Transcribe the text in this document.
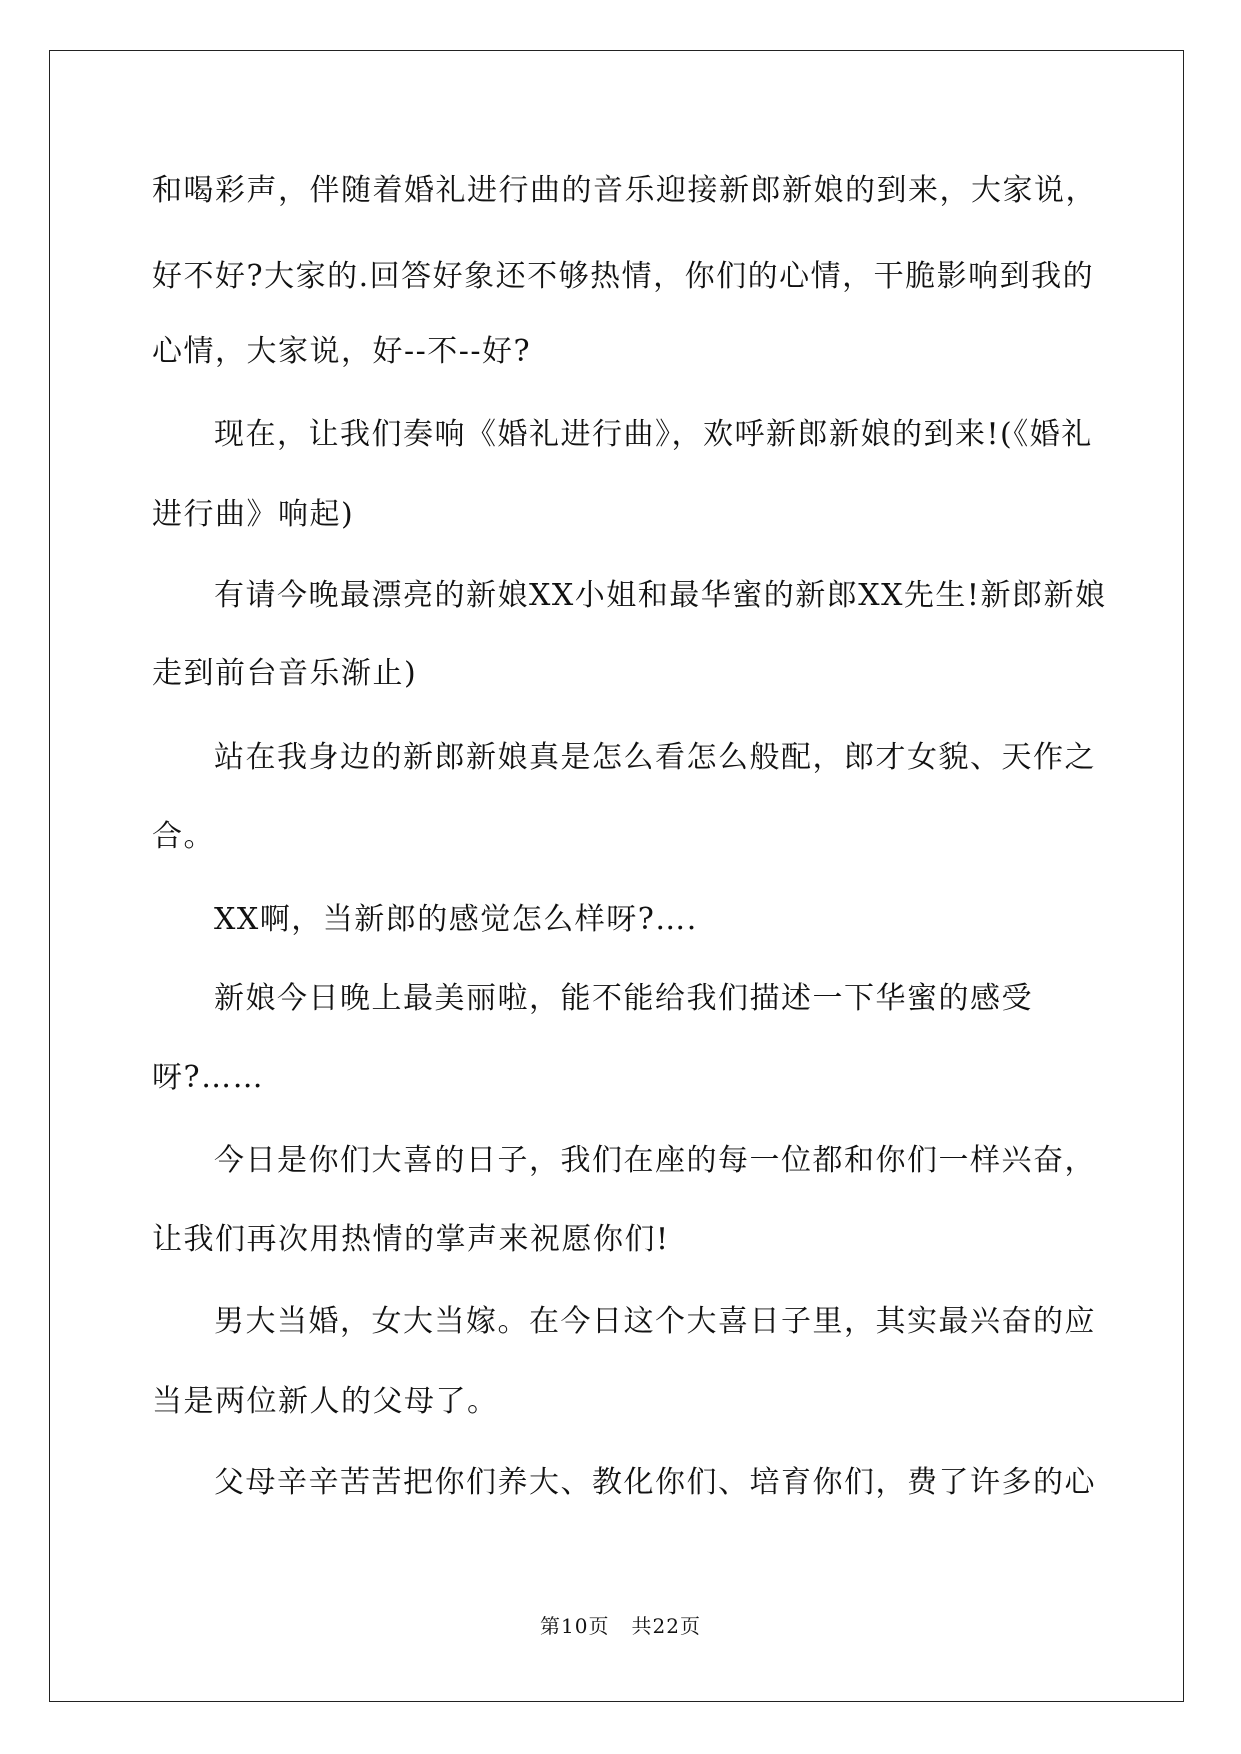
和喝彩声，伴随着婚礼进行曲的音乐迎接新郎新娘的到来，大家说，
好不好?大家的.回答好象还不够热情，你们的心情，干脆影响到我的
心情，大家说，好--不--好?
现在，让我们奏响《婚礼进行曲》，欢呼新郎新娘的到来!(《婚礼
进行曲》响起)
有请今晚最漂亮的新娘XX小姐和最华蜜的新郎XX先生!新郎新娘
走到前台音乐渐止)
站在我身边的新郎新娘真是怎么看怎么般配，郎才女貌、天作之
合。
XX啊，当新郎的感觉怎么样呀?….
新娘今日晚上最美丽啦，能不能给我们描述一下华蜜的感受
呀?……
今日是你们大喜的日子，我们在座的每一位都和你们一样兴奋，
让我们再次用热情的掌声来祝愿你们!
男大当婚，女大当嫁。在今日这个大喜日子里，其实最兴奋的应
当是两位新人的父母了。
父母辛辛苦苦把你们养大、教化你们、培育你们，费了许多的心
第10页 共22页
